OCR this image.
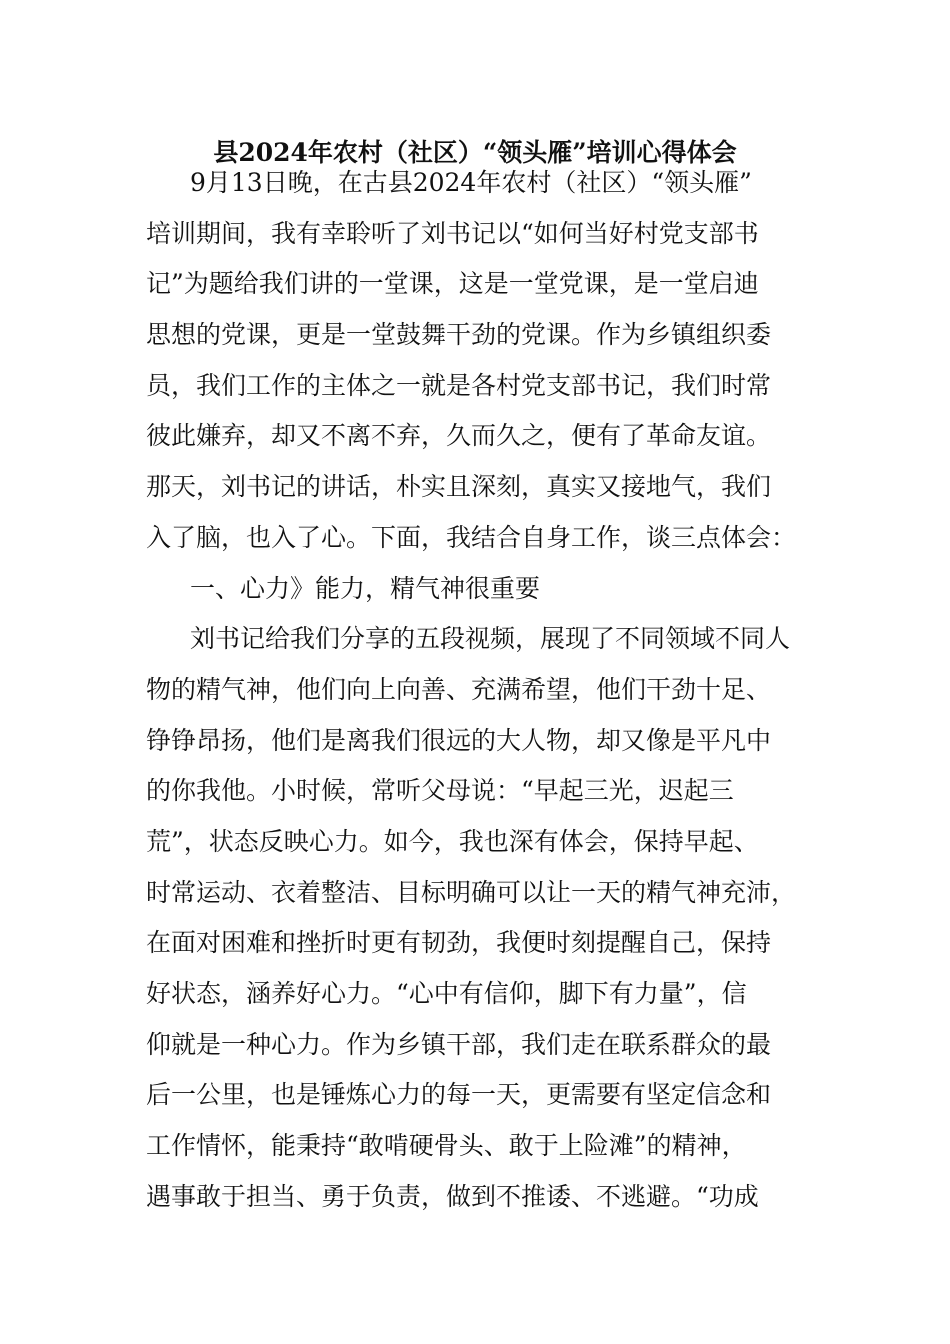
县2024年农村（社区）“领头雁”培训心得体会
9月13日晚，在古县2024年农村（社区）“领头雁”
培训期间，我有幸聆听了刘书记以“如何当好村党支部书
记”为题给我们讲的一堂课，这是一堂党课，是一堂启迪
思想的党课，更是一堂鼓舞干劲的党课。作为乡镇组织委
员，我们工作的主体之一就是各村党支部书记，我们时常
彼此嫌弃，却又不离不弃，久而久之，便有了革命友谊。
那天，刘书记的讲话，朴实且深刻，真实又接地气，我们
入了脑，也入了心。下面，我结合自身工作，谈三点体会：
一、心力》能力，精气神很重要
刘书记给我们分享的五段视频，展现了不同领域不同人
物的精气神，他们向上向善、充满希望，他们干劲十足、
铮铮昂扬，他们是离我们很远的大人物，却又像是平凡中
的你我他。小时候，常听父母说：“早起三光，迟起三
荒”，状态反映心力。如今，我也深有体会，保持早起、
时常运动、衣着整洁、目标明确可以让一天的精气神充沛，
在面对困难和挫折时更有韧劲，我便时刻提醒自己，保持
好状态，涵养好心力。“心中有信仰，脚下有力量”，信
仰就是一种心力。作为乡镇干部，我们走在联系群众的最
后一公里，也是锤炼心力的每一天，更需要有坚定信念和
工作情怀，能秉持“敢啃硬骨头、敢于上险滩”的精神，
遇事敢于担当、勇于负责，做到不推诿、不逃避。“功成
